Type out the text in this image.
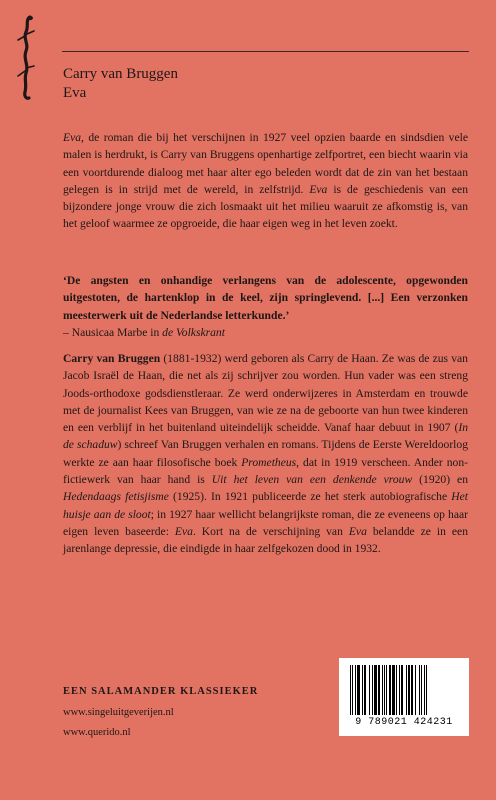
Carry van Bruggen
Eva
Eva, de roman die bij het verschijnen in 1927 veel opzien baarde en sindsdien vele malen is herdrukt, is Carry van Bruggens openhartige zelfportret, een biecht waarin via een voortdurende dialoog met haar alter ego beleden wordt dat de zin van het bestaan gelegen is in strijd met de wereld, in zelfstrijd. Eva is de geschiedenis van een bijzondere jonge vrouw die zich losmaakt uit het milieu waaruit ze afkomstig is, van het geloof waarmee ze opgroeide, die haar eigen weg in het leven zoekt.
‘De angsten en onhandige verlangens van de adolescente, opgewonden uitgestoten, de hartenklop in de keel, zijn springlevend. [...] Een verzonken meesterwerk uit de Nederlandse letterkunde.’
– Nausicaa Marbe in de Volkskrant
Carry van Bruggen (1881-1932) werd geboren als Carry de Haan. Ze was de zus van Jacob Israël de Haan, die net als zij schrijver zou worden. Hun vader was een streng Joods-orthodoxe godsdienstleraar. Ze werd onderwijzeres in Amsterdam en trouwde met de journalist Kees van Bruggen, van wie ze na de geboorte van hun twee kinderen en een verblijf in het buitenland uiteindelijk scheidde. Vanaf haar debuut in 1907 (In de schaduw) schreef Van Bruggen verhalen en romans. Tijdens de Eerste Wereldoorlog werkte ze aan haar filosofische boek Prometheus, dat in 1919 verscheen. Ander non-fictiewerk van haar hand is Uit het leven van een denkende vrouw (1920) en Hedendaags fetisjisme (1925). In 1921 publiceerde ze het sterk autobiografische Het huisje aan de sloot; in 1927 haar wellicht belangrijkste roman, die ze eveneens op haar eigen leven baseerde: Eva. Kort na de verschijning van Eva belandde ze in een jarenlange depressie, die eindigde in haar zelfgekozen dood in 1932.
EEN SALAMANDER KLASSIEKER
www.singeluitgeverijen.nl
www.querido.nl
9 789021 424231
